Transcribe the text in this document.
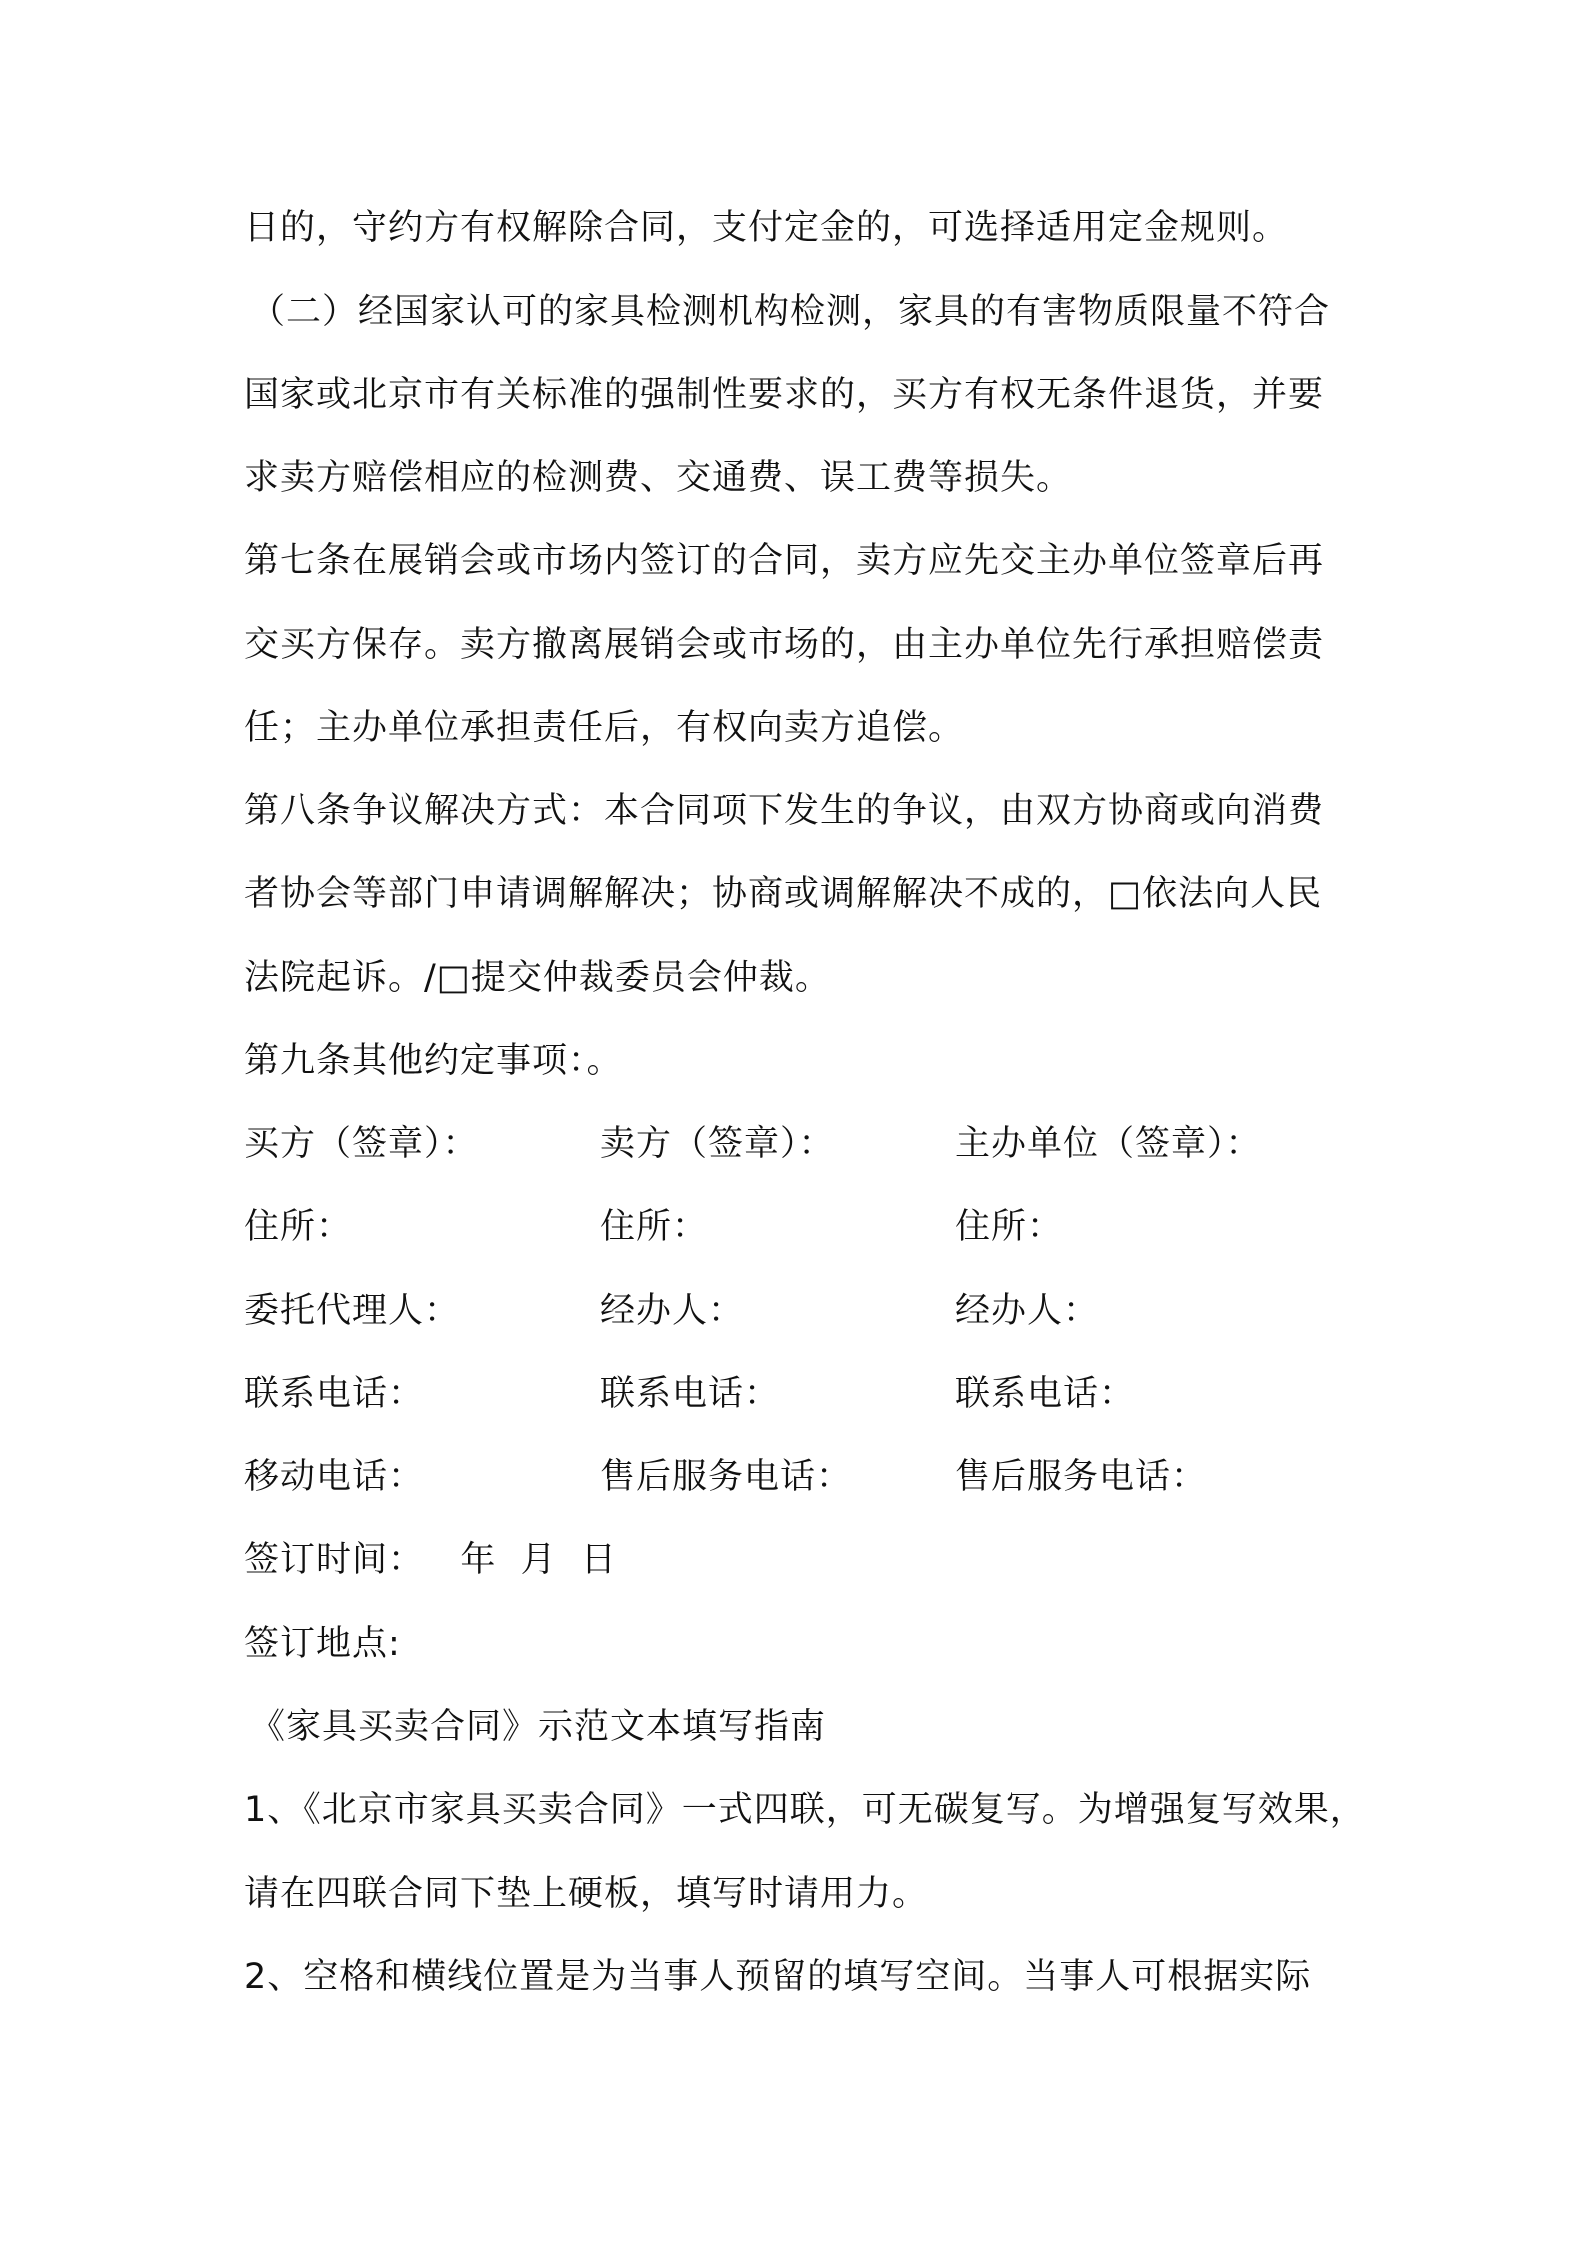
日的，守约方有权解除合同，支付定金的，可选择适用定金规则。
（二）经国家认可的家具检测机构检测，家具的有害物质限量不符合
国家或北京市有关标准的强制性要求的，买方有权无条件退货，并要
求卖方赔偿相应的检测费、交通费、误工费等损失。
第七条在展销会或市场内签订的合同，卖方应先交主办单位签章后再
交买方保存。卖方撤离展销会或市场的，由主办单位先行承担赔偿责
任；主办单位承担责任后，有权向卖方追偿。
第八条争议解决方式：本合同项下发生的争议，由双方协商或向消费
者协会等部门申请调解解决；协商或调解解决不成的，□依法向人民
法院起诉。/□提交仲裁委员会仲裁。
第九条其他约定事项：。
买方（签章）：	卖方（签章）：	主办单位（签章）：
住所：	住所：	住所：
委托代理人：	经办人：	经办人：
联系电话：	联系电话：	联系电话：
移动电话：	售后服务电话：	售后服务电话：
签订时间：   年  月  日
签订地点:
《家具买卖合同》示范文本填写指南
1、《北京市家具买卖合同》一式四联，可无碳复写。为增强复写效果，
请在四联合同下垫上硬板，填写时请用力。
2、空格和横线位置是为当事人预留的填写空间。当事人可根据实际
